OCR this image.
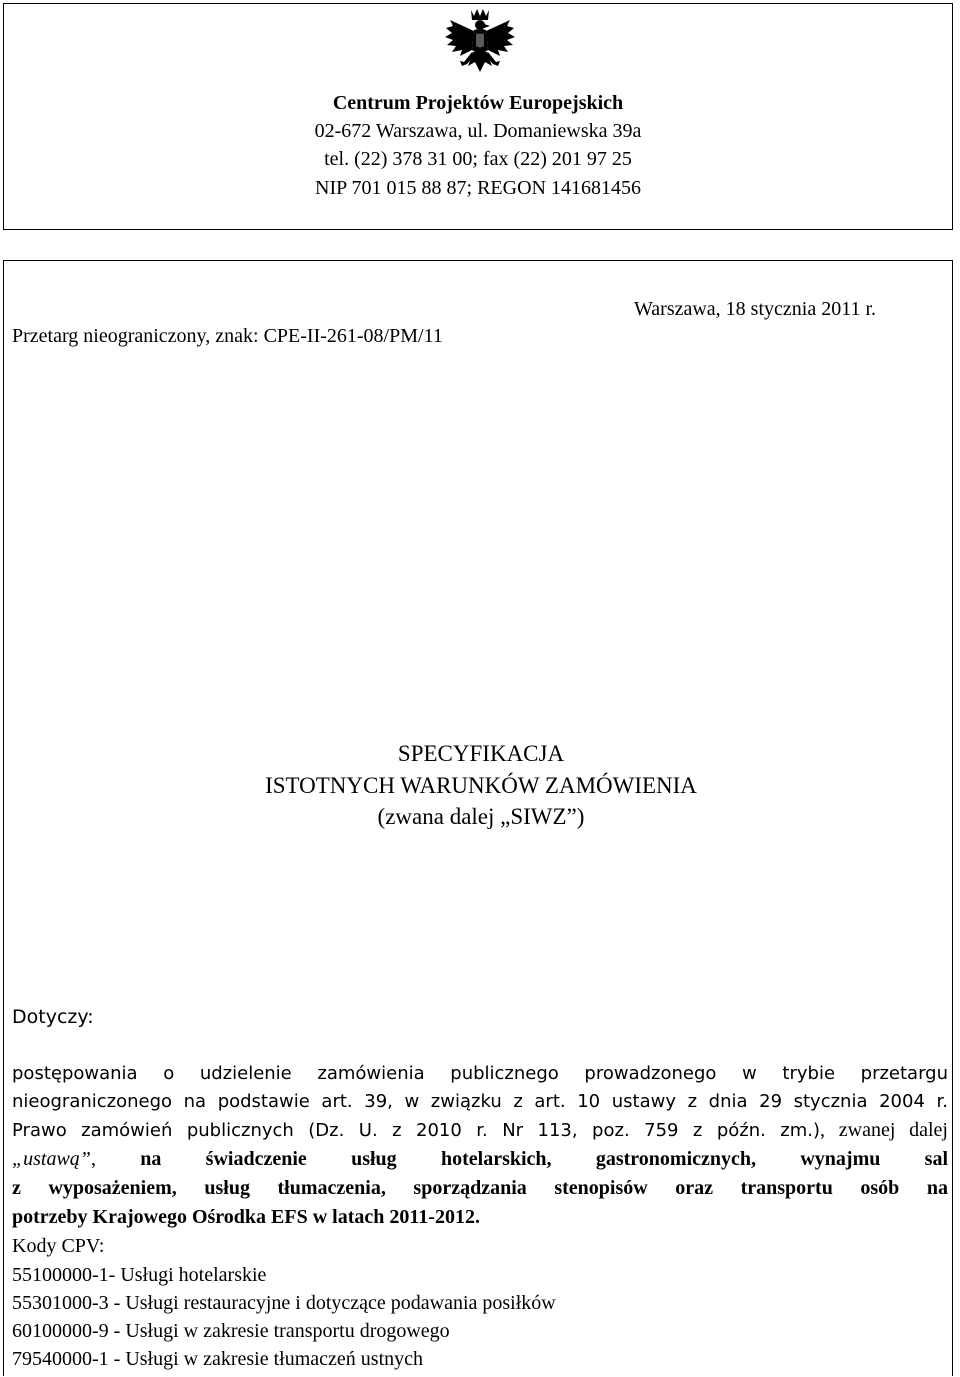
Centrum Projektów Europejskich
02-672 Warszawa, ul. Domaniewska 39a
tel. (22) 378 31 00; fax (22) 201 97 25
NIP 701 015 88 87; REGON 141681456
Warszawa, 18 stycznia 2011 r.
Przetarg nieograniczony, znak: CPE-II-261-08/PM/11
SPECYFIKACJA
ISTOTNYCH WARUNKÓW ZAMÓWIENIA
(zwana dalej „SIWZ”)
Dotyczy:
postępowania o udzielenie zamówienia publicznego prowadzonego w trybie przetargu
nieograniczonego na podstawie art. 39, w związku z art. 10 ustawy z dnia 29 stycznia 2004 r.
Prawo zamówień publicznych (Dz. U. z 2010 r. Nr 113, poz. 759 z późn. zm.), zwanej dalej
„ustawą”, na świadczenie usług hotelarskich, gastronomicznych, wynajmu sal
z wyposażeniem, usług tłumaczenia, sporządzania stenopisów oraz transportu osób na
potrzeby Krajowego Ośrodka EFS w latach 2011-2012.
Kody CPV:
55100000-1- Usługi hotelarskie
55301000-3 - Usługi restauracyjne i dotyczące podawania posiłków
60100000-9 - Usługi w zakresie transportu drogowego
79540000-1 - Usługi w zakresie tłumaczeń ustnych
